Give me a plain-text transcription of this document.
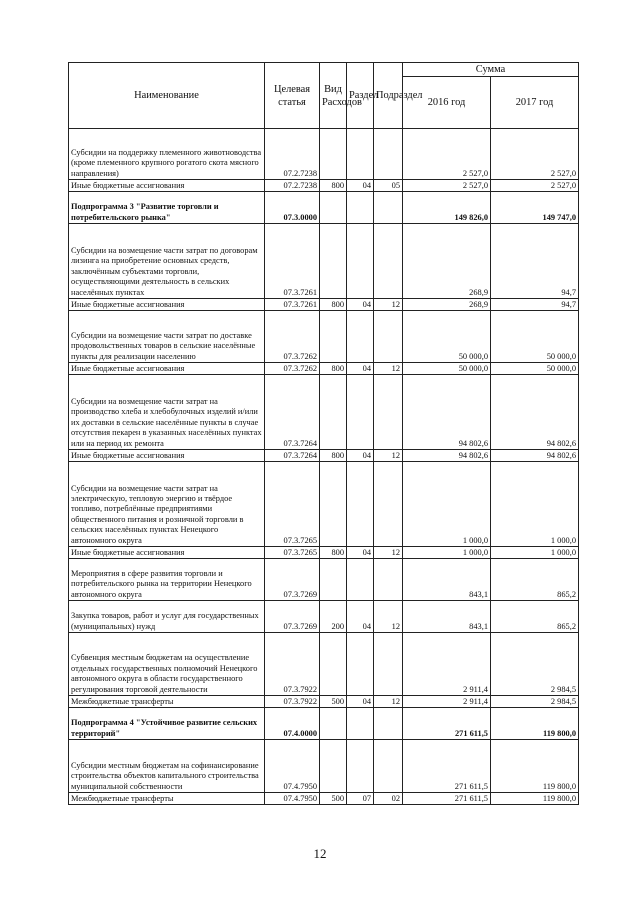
Наименование	Целевая статья	Вид Расходов	Раздел	Подраздел	Сумма	
					2016 год	2017 год
Субсидии на поддержку племенного животноводства (кроме племенного крупного рогатого скота мясного направления)	07.2.7238				2 527,0	2 527,0
Иные бюджетные ассигнования	07.2.7238	800	04	05	2 527,0	2 527,0
Подпрограмма 3 "Развитие торговли и потребительского рынка"	07.3.0000				149 826,0	149 747,0
Субсидии на возмещение части затрат по договорам лизинга на приобретение основных средств, заключённым субъектами торговли, осуществляющими деятельность в сельских населённых пунктах	07.3.7261				268,9	94,7
Иные бюджетные ассигнования	07.3.7261	800	04	12	268,9	94,7
Субсидии на возмещение части затрат по доставке продовольственных товаров в сельские населённые пункты для реализации населению	07.3.7262				50 000,0	50 000,0
Иные бюджетные ассигнования	07.3.7262	800	04	12	50 000,0	50 000,0
Субсидии на возмещение части затрат на производство хлеба и хлебобулочных изделий и/или их доставки в сельские населённые пункты в случае отсутствия пекарен в указанных населённых пунктах или на период их ремонта	07.3.7264				94 802,6	94 802,6
Иные бюджетные ассигнования	07.3.7264	800	04	12	94 802,6	94 802,6
Субсидии на возмещение части затрат на электрическую, тепловую энергию и твёрдое топливо, потреблённые предприятиями общественного питания и розничной торговли в сельских населённых пунктах Ненецкого автономного округа	07.3.7265				1 000,0	1 000,0
Иные бюджетные ассигнования	07.3.7265	800	04	12	1 000,0	1 000,0
Мероприятия в сфере развития торговли и потребительского рынка на территории Ненецкого автономного округа	07.3.7269				843,1	865,2
Закупка товаров, работ и услуг для государственных (муниципальных) нужд	07.3.7269	200	04	12	843,1	865,2
Субвенция местным бюджетам на осуществление отдельных государственных полномочий Ненецкого автономного округа в области государственного регулирования торговой деятельности	07.3.7922				2 911,4	2 984,5
Межбюджетные трансферты	07.3.7922	500	04	12	2 911,4	2 984,5
Подпрограмма 4 "Устойчивое развитие сельских территорий"	07.4.0000				271 611,5	119 800,0
Субсидии местным бюджетам на софинансирование строительства объектов капитального строительства муниципальной собственности	07.4.7950				271 611,5	119 800,0
Межбюджетные трансферты	07.4.7950	500	07	02	271 611,5	119 800,0
12
